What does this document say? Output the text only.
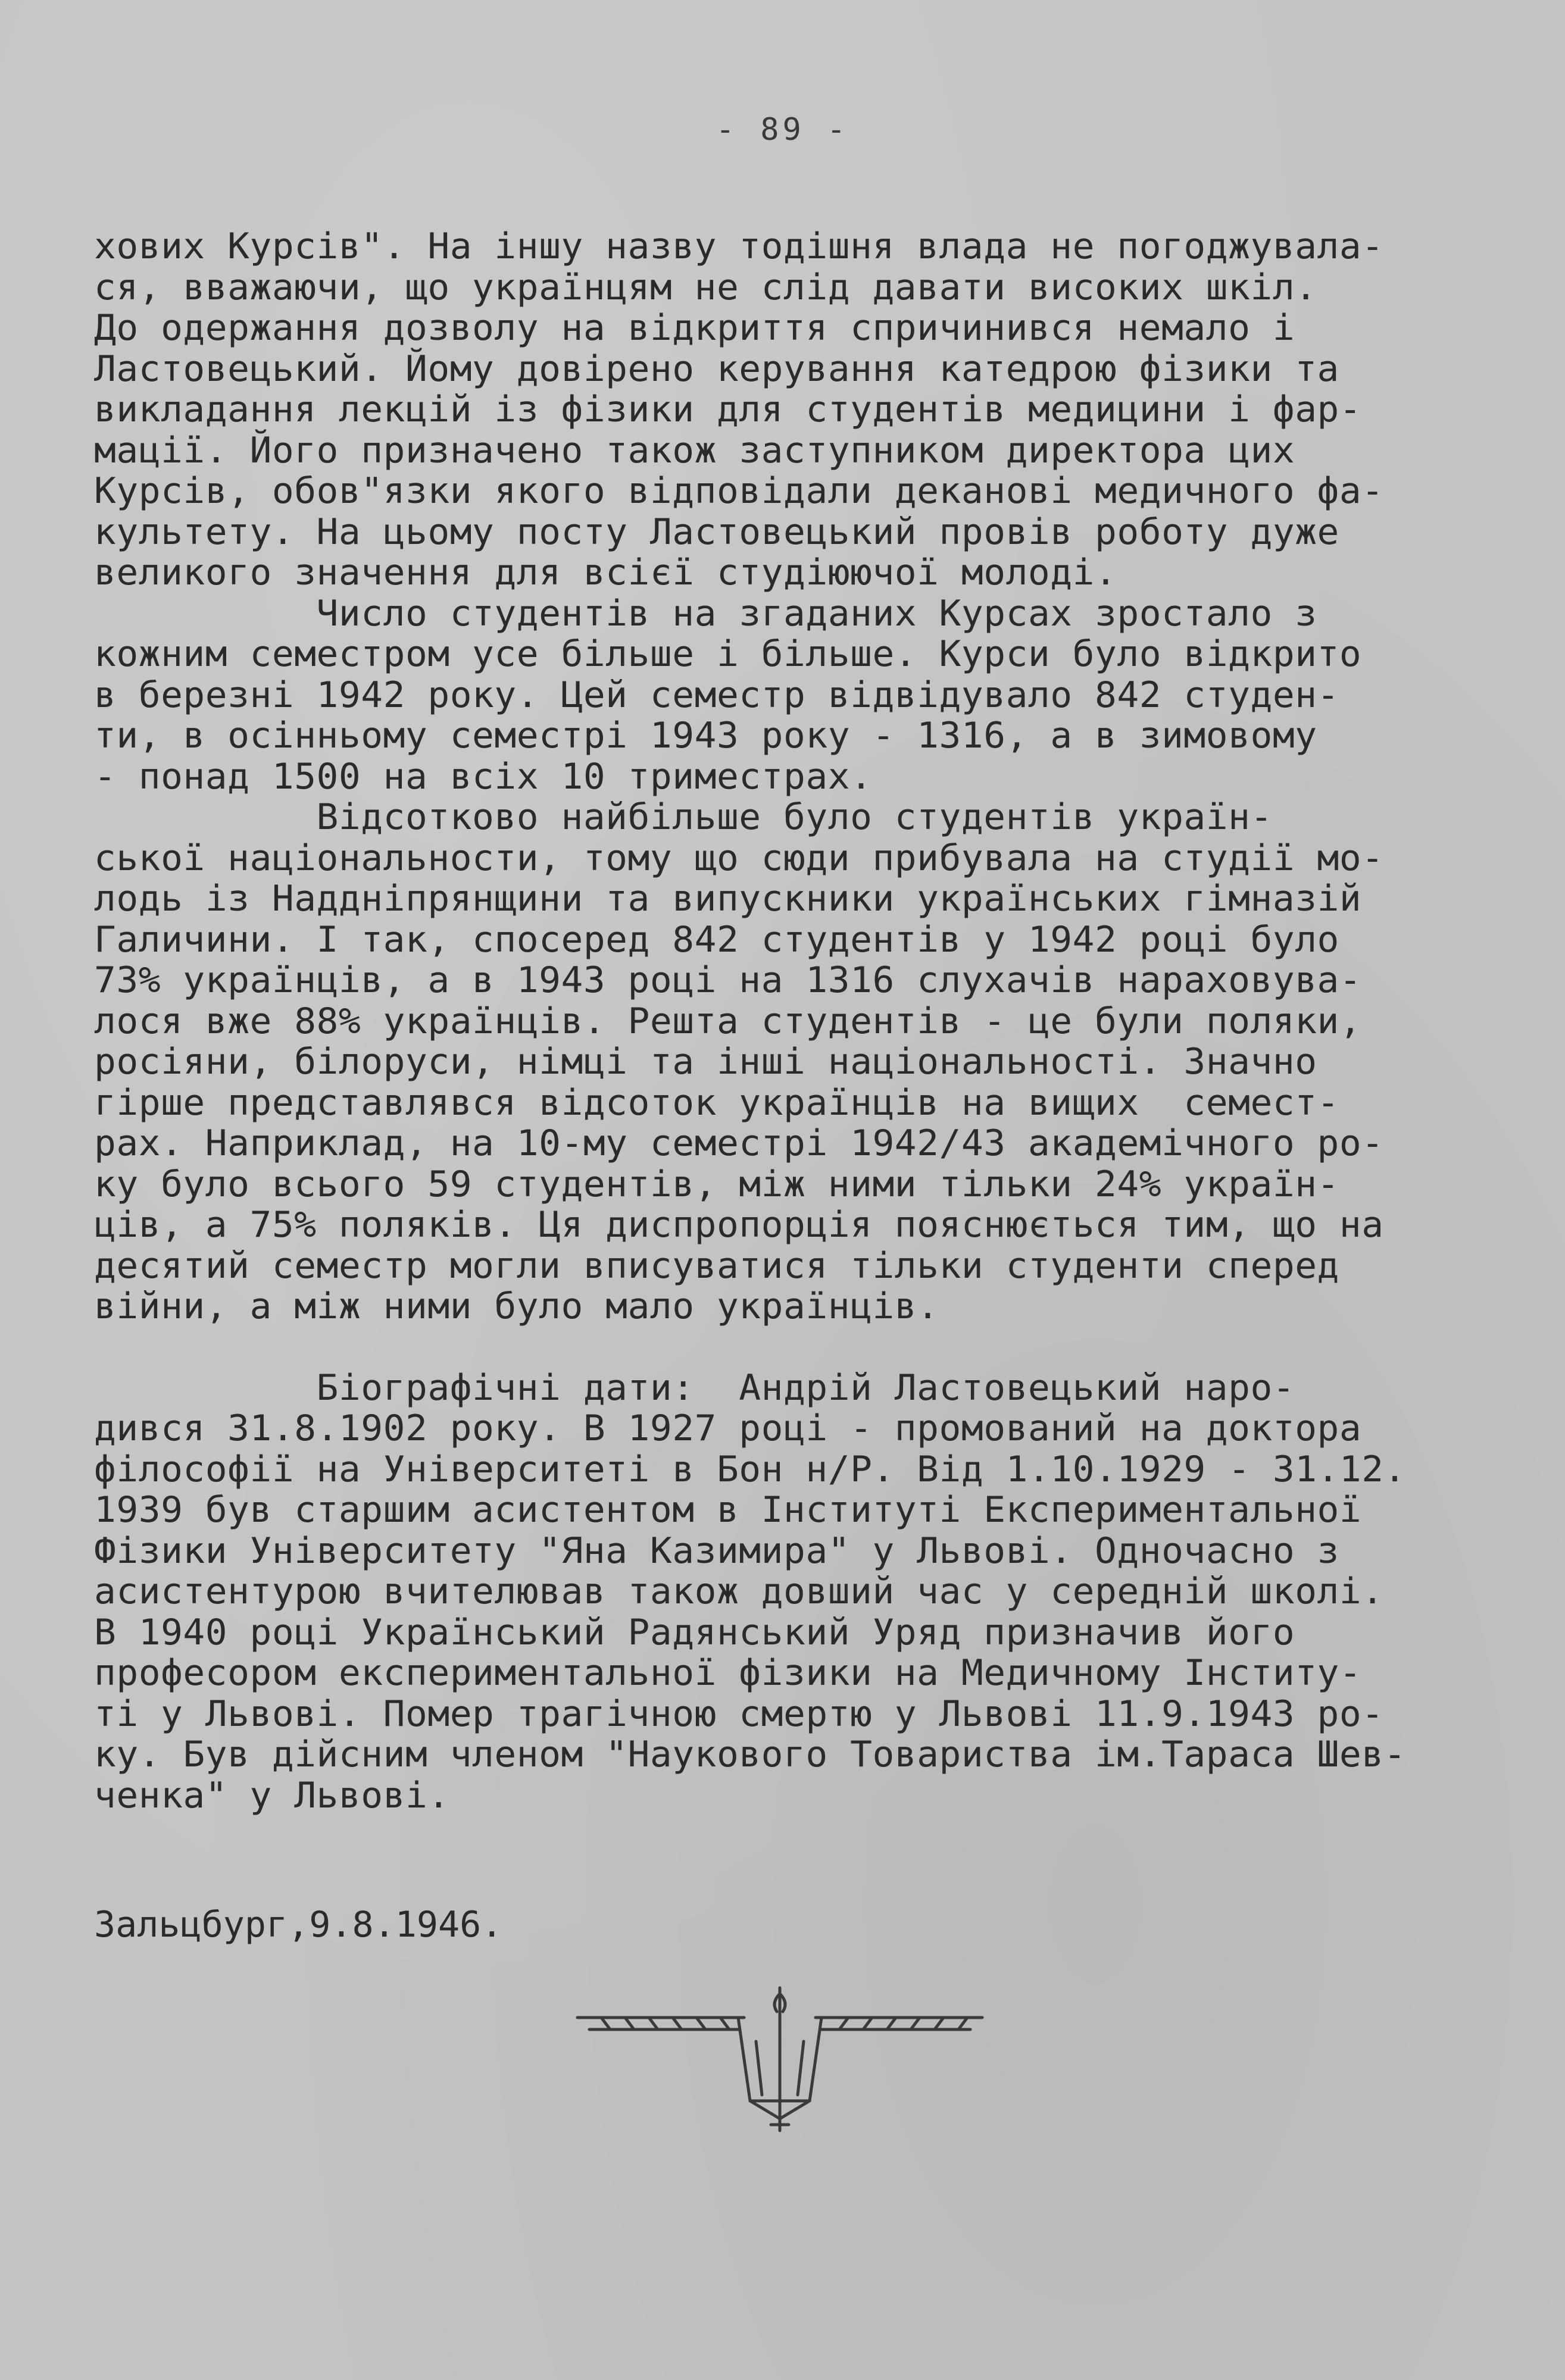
- 89 -
хових Курсів". На іншу назву тодішня влада не погоджувала-
ся, вважаючи, що українцям не слід давати високих шкіл.
До одержання дозволу на відкриття спричинився немало і
Ластовецький. Йому довірено керування катедрою фізики та
викладання лекцій із фізики для студентів медицини і фар-
мації. Його призначено також заступником директора цих
Курсів, обов"язки якого відповідали деканові медичного фа-
культету. На цьому посту Ластовецький провів роботу дуже
великого значення для всієї студіюючої молоді.
Число студентів на згаданих Курсах зростало з
кожним семестром усе більше і більше. Курси було відкрито
в березні 1942 року. Цей семестр відвідувало 842 студен-
ти, в осінньому семестрі 1943 року - 1316, а в зимовому
- понад 1500 на всіх 10 триместрах.
Відсотково найбільше було студентів україн-
ської національности, тому що сюди прибувала на студії мо-
лодь із Наддніпрянщини та випускники українських гімназій
Галичини. І так, спосеред 842 студентів у 1942 році було
73% українців, а в 1943 році на 1316 слухачів нараховува-
лося вже 88% українців. Решта студентів - це були поляки,
росіяни, білоруси, німці та інші національності. Значно
гірше представлявся відсоток українців на вищих  семест-
рах. Наприклад, на 10-му семестрі 1942/43 академічного ро-
ку було всього 59 студентів, між ними тільки 24% україн-
ців, а 75% поляків. Ця диспропорція пояснюється тим, що на
десятий семестр могли вписуватися тільки студенти сперед
війни, а між ними було мало українців.
Біографічні дати:  Андрій Ластовецький наро-
дився 31.8.1902 року. В 1927 році - промований на доктора
філософії на Університеті в Бон н/Р. Від 1.10.1929 - 31.12.
1939 був старшим асистентом в Інституті Експериментальної
Фізики Університету "Яна Казимира" у Львові. Одночасно з
асистентурою вчителював також довший час у середній школі.
В 1940 році Український Радянський Уряд призначив його
професором експериментальної фізики на Медичному Інститу-
ті у Львові. Помер трагічною смертю у Львові 11.9.1943 ро-
ку. Був дійсним членом "Наукового Товариства ім.Тараса Шев-
ченка" у Львові.
Зальцбург,9.8.1946.
